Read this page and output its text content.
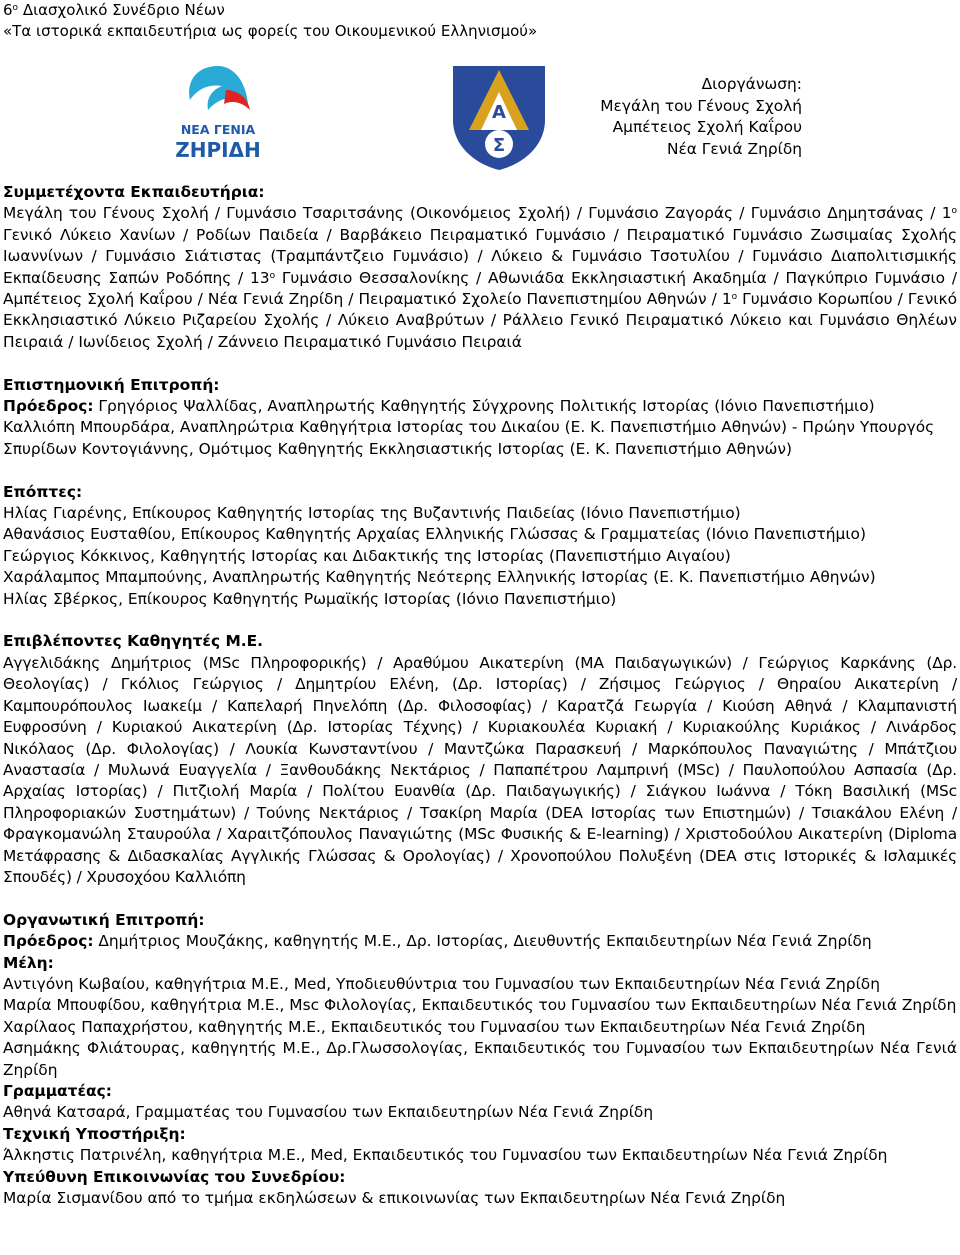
$6^o$ Διασχολικό Συνέδριο Νέων
«Τα ιστορικά εκπαιδευτήρια ως φορείς του Οικουμενικού Ελληνισμού»
ΝΕΑ ΓΕΝΙΑ
ΖΗΡΙΔΗ
Α
Σ
Διοργάνωση:
Μεγάλη του Γένους Σχολή
Αμπέτειος Σχολή Καΐρου
Νέα Γενιά Ζηρίδη

Συμμετέχοντα Εκπαιδευτήρια:

Μεγάλη του Γένους Σχολή / Γυμνάσιο Τσαριτσάνης (Οικονόμειος Σχολή) / Γυμνάσιο Ζαγοράς / Γυμνάσιο Δημητσάνας / $1^o$ Γενικό Λύκειο Χανίων / Ροδίων Παιδεία / Βαρβάκειο Πειραματικό Γυμνάσιο / Πειραματικό Γυμνάσιο Ζωσιμαίας Σχολής Ιωαννίνων / Γυμνάσιο Σιάτιστας (Τραμπάντζειο Γυμνάσιο) / Λύκειο & Γυμνάσιο Τσοτυλίου / Γυμνάσιο Διαπολιτισμικής Εκπαίδευσης Σαπών Ροδόπης / $13^o$ Γυμνάσιο Θεσσαλονίκης / Αθωνιάδα Εκκλησιαστική Ακαδημία / Παγκύπριο Γυμνάσιο / Αμπέτειος Σχολή Καΐρου / Νέα Γενιά Ζηρίδη / Πειραματικό Σχολείο Πανεπιστημίου Αθηνών / $1^o$ Γυμνάσιο Κορωπίου / Γενικό Εκκλησιαστικό Λύκειο Ριζαρείου Σχολής / Λύκειο Αναβρύτων / Ράλλειο Γενικό Πειραματικό Λύκειο και Γυμνάσιο Θηλέων Πειραιά / Ιωνίδειος Σχολή / Ζάννειο Πειραματικό Γυμνάσιο Πειραιά

Επιστημονική Επιτροπή:

Πρόεδρος: Γρηγόριος Ψαλλίδας, Αναπληρωτής Καθηγητής Σύγχρονης Πολιτικής Ιστορίας (Ιόνιο Πανεπιστήμιο)

Καλλιόπη Μπουρδάρα, Αναπληρώτρια Καθηγήτρια Ιστορίας του Δικαίου (Ε. Κ. Πανεπιστήμιο Αθηνών) - Πρώην Υπουργός

Σπυρίδων Κοντογιάννης, Ομότιμος Καθηγητής Εκκλησιαστικής Ιστορίας (Ε. Κ. Πανεπιστήμιο Αθηνών)

Επόπτες:

Ηλίας Γιαρένης, Επίκουρος Καθηγητής Ιστορίας της Βυζαντινής Παιδείας (Ιόνιο Πανεπιστήμιο)

Αθανάσιος Ευσταθίου, Επίκουρος Καθηγητής Αρχαίας Ελληνικής Γλώσσας & Γραμματείας (Ιόνιο Πανεπιστήμιο)

Γεώργιος Κόκκινος, Καθηγητής Ιστορίας και Διδακτικής της Ιστορίας (Πανεπιστήμιο Αιγαίου)

Χαράλαμπος Μπαμπούνης, Αναπληρωτής Καθηγητής Νεότερης Ελληνικής Ιστορίας (Ε. Κ. Πανεπιστήμιο Αθηνών)

Ηλίας Σβέρκος, Επίκουρος Καθηγητής Ρωμαϊκής Ιστορίας (Ιόνιο Πανεπιστήμιο)

Επιβλέποντες Καθηγητές Μ.Ε.

Αγγελιδάκης Δημήτριος (MSc Πληροφορικής) / Αραθύμου Αικατερίνη (MA Παιδαγωγικών) / Γεώργιος Καρκάνης (Δρ. Θεολογίας) / Γκόλιος Γεώργιος / Δημητρίου Ελένη, (Δρ. Ιστορίας) / Ζήσιμος Γεώργιος / Θηραίου Αικατερίνη / Καμπουρόπουλος Ιωακείμ / Καπελαρή Πηνελόπη (Δρ. Φιλοσοφίας) / Καρατζά Γεωργία / Κιούση Αθηνά / Κλαμπανιστή Ευφροσύνη / Κυριακού Αικατερίνη (Δρ. Ιστορίας Τέχνης) / Κυριακουλέα Κυριακή / Κυριακούλης Κυριάκος / Λινάρδος Νικόλαος (Δρ. Φιλολογίας) / Λουκία Κωνσταντίνου / Μαντζώκα Παρασκευή / Μαρκόπουλος Παναγιώτης / Μπάτζιου Αναστασία / Μυλωνά Ευαγγελία / Ξανθουδάκης Νεκτάριος / Παπαπέτρου Λαμπρινή (MSc) / Παυλοπούλου Ασπασία (Δρ. Αρχαίας Ιστορίας) / Πιτζιολή Μαρία / Πολίτου Ευανθία (Δρ. Παιδαγωγικής) / Σιάγκου Ιωάννα / Τόκη Βασιλική (MSc Πληροφοριακών Συστημάτων) / Τούνης Νεκτάριος / Τσακίρη Μαρία (DEA Ιστορίας των Επιστημών) / Τσιακάλου Ελένη / Φραγκομανώλη Σταυρούλα / Χαραιτζόπουλος Παναγιώτης (MSc Φυσικής & E-learning) / Χριστοδούλου Αικατερίνη (Diploma Μετάφρασης & Διδασκαλίας Αγγλικής Γλώσσας & Ορολογίας) / Χρονοπούλου Πολυξένη (DEA στις Ιστορικές & Ισλαμικές Σπουδές) / Χρυσοχόου Καλλιόπη

Οργανωτική Επιτροπή:

Πρόεδρος: Δημήτριος Μουζάκης, καθηγητής Μ.Ε., Δρ. Ιστορίας, Διευθυντής Εκπαιδευτηρίων Νέα Γενιά Ζηρίδη

Μέλη:

Αντιγόνη Κωβαίου, καθηγήτρια Μ.Ε., Med, Υποδιευθύντρια του Γυμνασίου των Εκπαιδευτηρίων Νέα Γενιά Ζηρίδη

Μαρία Μπουφίδου, καθηγήτρια Μ.Ε., Msc Φιλολογίας, Εκπαιδευτικός του Γυμνασίου των Εκπαιδευτηρίων Νέα Γενιά Ζηρίδη

Χαρίλαος Παπαχρήστου, καθηγητής Μ.Ε., Εκπαιδευτικός του Γυμνασίου των Εκπαιδευτηρίων Νέα Γενιά Ζηρίδη

Ασημάκης Φλιάτουρας, καθηγητής Μ.Ε., Δρ.Γλωσσολογίας, Εκπαιδευτικός του Γυμνασίου των Εκπαιδευτηρίων Νέα Γενιά Ζηρίδη

Γραμματέας:

Αθηνά Κατσαρά, Γραμματέας του Γυμνασίου των Εκπαιδευτηρίων Νέα Γενιά Ζηρίδη

Τεχνική Υποστήριξη:

Άλκηστις Πατρινέλη, καθηγήτρια Μ.Ε., Med, Εκπαιδευτικός του Γυμνασίου των Εκπαιδευτηρίων Νέα Γενιά Ζηρίδη

Υπεύθυνη Επικοινωνίας του Συνεδρίου:

Μαρία Σισμανίδου από το τμήμα εκδηλώσεων & επικοινωνίας των Εκπαιδευτηρίων Νέα Γενιά Ζηρίδη
